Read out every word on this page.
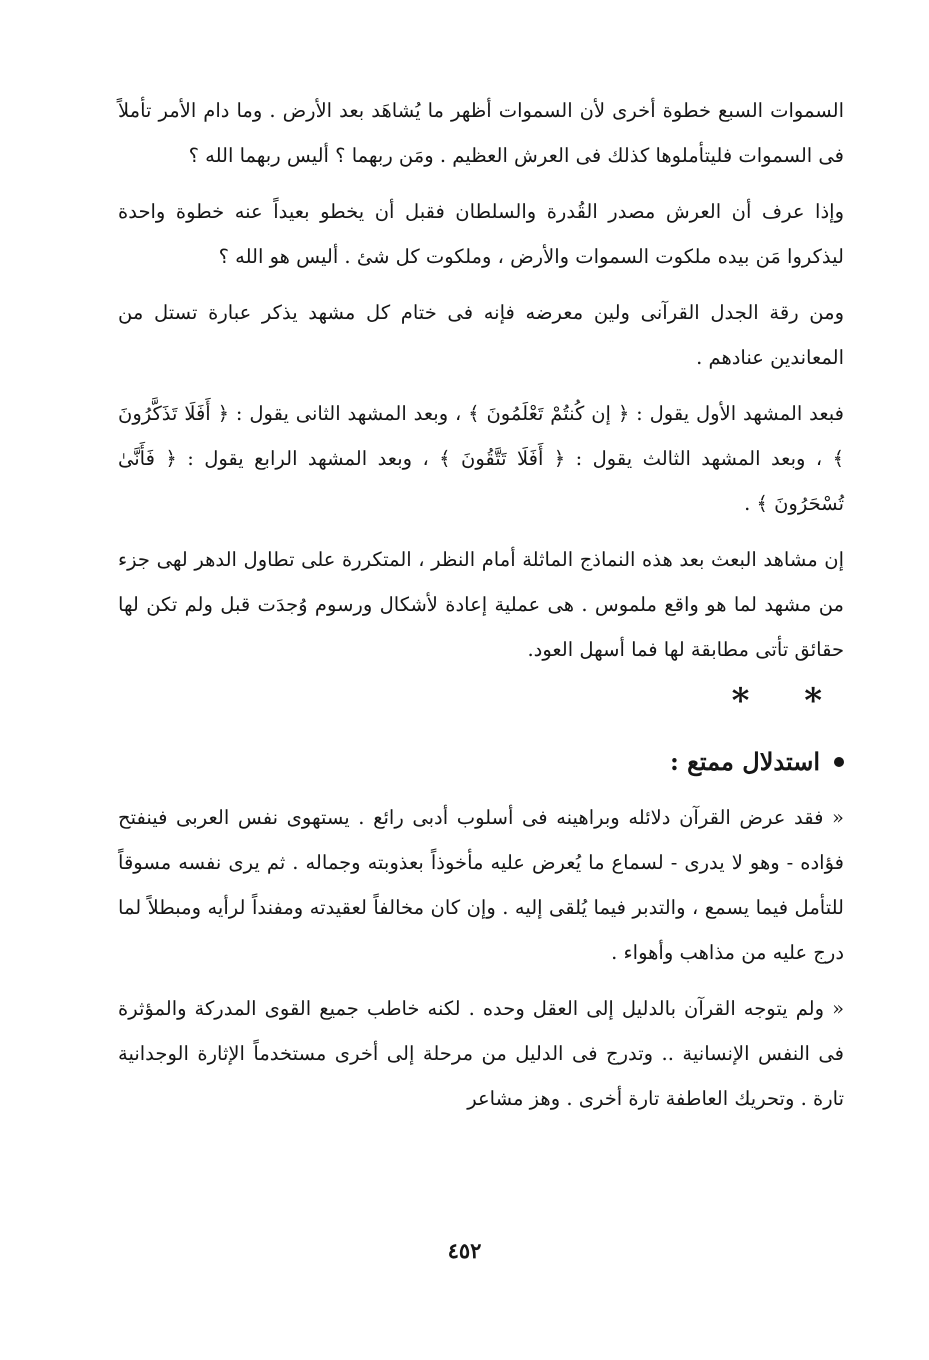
السموات السبع خطوة أخرى لأن السموات أظهر ما يُشاهَد بعد الأرض . وما دام الأمر تأملاً فى السموات فليتأملوها كذلك فى العرش العظيم . ومَن ربهما ؟ أليس ربهما الله ؟

وإذا عرف أن العرش مصدر القُدرة والسلطان فقبل أن يخطو بعيداً عنه خطوة واحدة ليذكروا مَن بيده ملكوت السموات والأرض ، وملكوت كل شئ . أليس هو الله ؟

ومن رقة الجدل القرآنى ولين معرضه فإنه فى ختام كل مشهد يذكر عبارة تستل من المعاندين عنادهم .

فبعد المشهد الأول يقول : ﴿ إن كُنتُمْ تَعْلَمُونَ ﴾ ، وبعد المشهد الثانى يقول : ﴿ أَفَلَا تَذَكَّرُونَ ﴾ ، وبعد المشهد الثالث يقول : ﴿ أَفَلَا تَتَّقُونَ ﴾ ، وبعد المشهد الرابع يقول : ﴿ فَأَنَّىٰ تُسْحَرُونَ ﴾ .

إن مشاهد البعث بعد هذه النماذج الماثلة أمام النظر ، المتكررة على تطاول الدهر لهى جزء من مشهد لما هو واقع ملموس . هى عملية إعادة لأشكال ورسوم وُجدَت قبل ولم تكن لها حقائق تأتى مطابقة لها فما أسهل العود.

* *
استدلال ممتع :

« فقد عرض القرآن دلائله وبراهينه فى أسلوب أدبى رائع . يستهوى نفس العربى فينفتح فؤاده - وهو لا يدرى - لسماع ما يُعرض عليه مأخوذاً بعذوبته وجماله . ثم يرى نفسه مسوقاً للتأمل فيما يسمع ، والتدبر فيما يُلقى إليه . وإن كان مخالفاً لعقيدته ومفنداً لرأيه ومبطلاً لما درج عليه من مذاهب وأهواء .

« ولم يتوجه القرآن بالدليل إلى العقل وحده . لكنه خاطب جميع القوى المدركة والمؤثرة فى النفس الإنسانية .. وتدرج فى الدليل من مرحلة إلى أخرى مستخدماً الإثارة الوجدانية تارة . وتحريك العاطفة تارة أخرى . وهز مشاعر

٤٥٢
